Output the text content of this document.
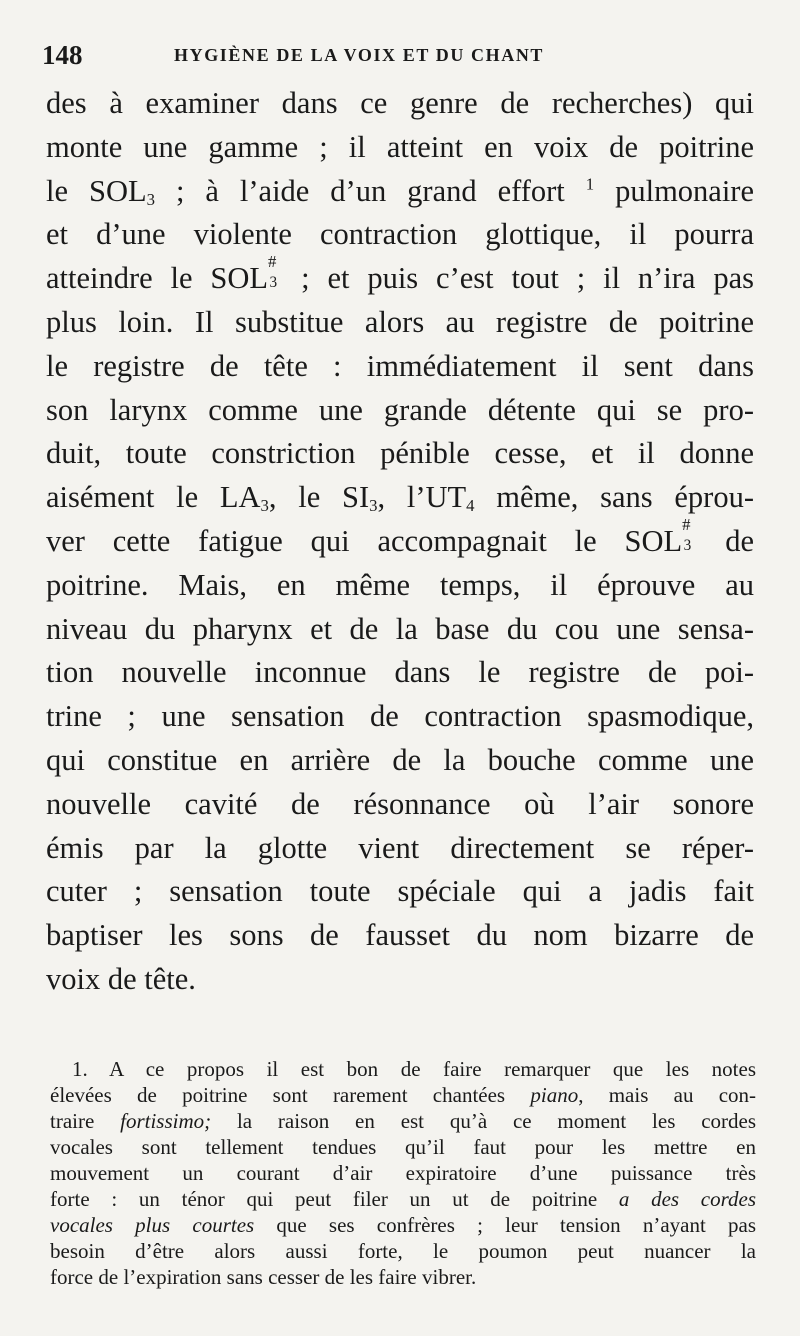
148	HYGIÈNE DE LA VOIX ET DU CHANT
des à examiner dans ce genre de recherches) qui
monte une gamme ; il atteint en voix de poitrine
le $SOL_3$ ; à l’aide d’un grand effort $^1$ pulmonaire
et d’une violente contraction glottique, il pourra
atteindre le SOL #
3 ; et puis c’est tout ; il n’ira pas
plus loin. Il substitue alors au registre de poitrine
le registre de tête : immédiatement il sent dans
son larynx comme une grande détente qui se pro-
duit, toute constriction pénible cesse, et il donne
aisément le $LA_3$, le $SI_3$, $l’UT_4$ même, sans éprou-
ver cette fatigue qui accompagnait le SOL #
3 de
poitrine. Mais, en même temps, il éprouve au
niveau du pharynx et de la base du cou une sensa-
tion nouvelle inconnue dans le registre de poi-
trine ; une sensation de contraction spasmodique,
qui constitue en arrière de la bouche comme une
nouvelle cavité de résonnance où l’air sonore
émis par la glotte vient directement se réper-
cuter ; sensation toute spéciale qui a jadis fait
baptiser les sons de fausset du nom bizarre de
voix de tête.
1. A ce propos il est bon de faire remarquer que les notes
élevées de poitrine sont rarement chantées piano, mais au con-
traire fortissimo; la raison en est qu’à ce moment les cordes
vocales sont tellement tendues qu’il faut pour les mettre en
mouvement un courant d’air expiratoire d’une puissance très
forte : un ténor qui peut filer un ut de poitrine a des cordes
vocales plus courtes que ses confrères ; leur tension n’ayant pas
besoin d’être alors aussi forte, le poumon peut nuancer la
force de l’expiration sans cesser de les faire vibrer.
